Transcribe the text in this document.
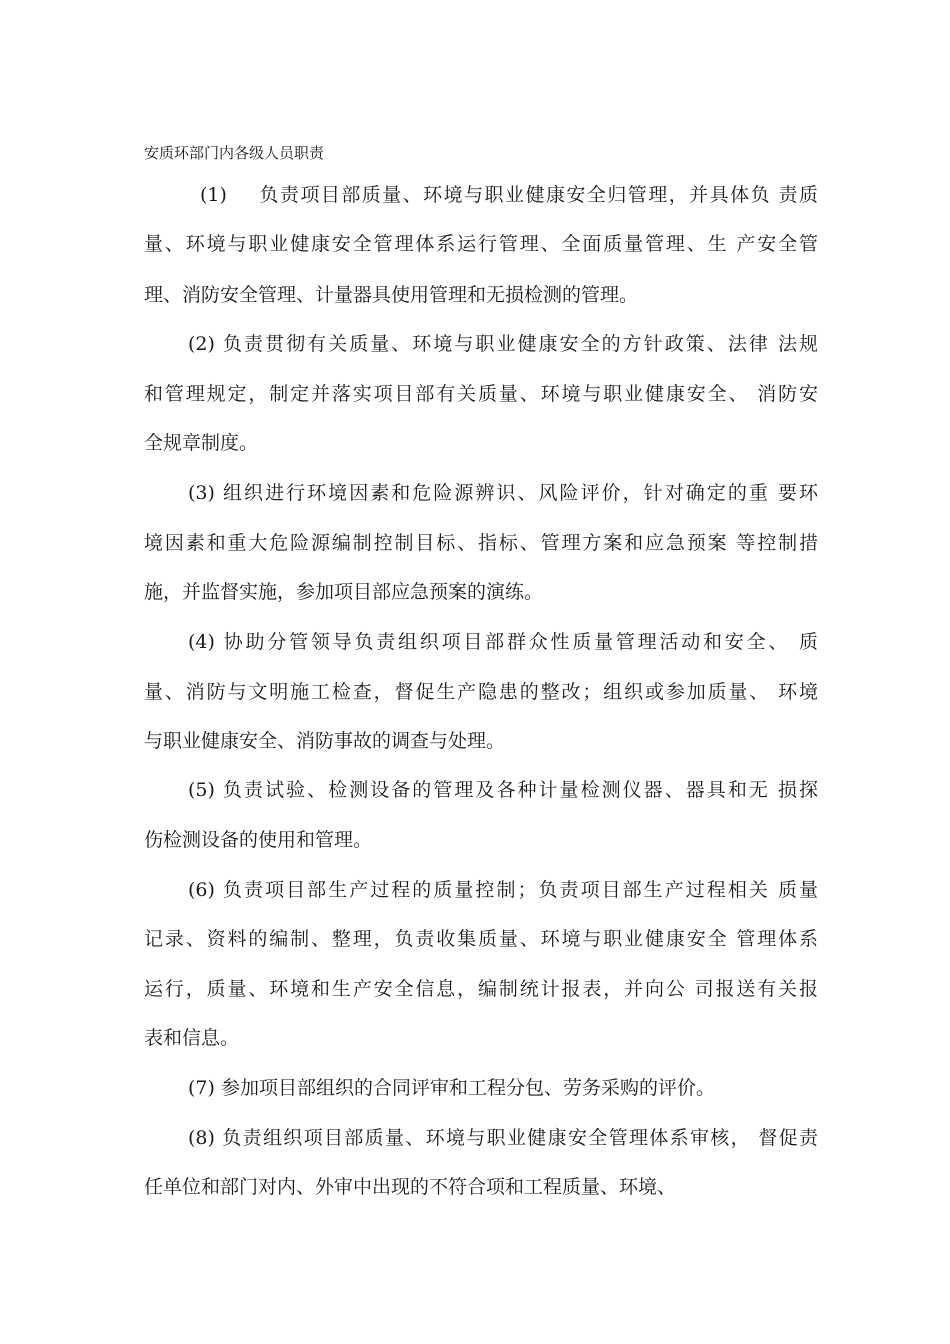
安质环部门内各级人员职责
(1) 负责项目部质量、环境与职业健康安全归管理，并具体负 责质
量、环境与职业健康安全管理体系运行管理、全面质量管理、生 产安全管
理、消防安全管理、计量器具使用管理和无损检测的管理。
(2) 负责贯彻有关质量、环境与职业健康安全的方针政策、法律 法规
和管理规定，制定并落实项目部有关质量、环境与职业健康安全、 消防安
全规章制度。
(3) 组织进行环境因素和危险源辨识、风险评价，针对确定的重 要环
境因素和重大危险源编制控制目标、指标、管理方案和应急预案 等控制措
施，并监督实施，参加项目部应急预案的演练。
(4) 协助分管领导负责组织项目部群众性质量管理活动和安全、 质
量、消防与文明施工检查，督促生产隐患的整改；组织或参加质量、 环境
与职业健康安全、消防事故的调查与处理。
(5) 负责试验、检测设备的管理及各种计量检测仪器、器具和无 损探
伤检测设备的使用和管理。
(6) 负责项目部生产过程的质量控制；负责项目部生产过程相关 质量
记录、资料的编制、整理，负责收集质量、环境与职业健康安全 管理体系
运行，质量、环境和生产安全信息，编制统计报表，并向公 司报送有关报
表和信息。
(7) 参加项目部组织的合同评审和工程分包、劳务采购的评价。
(8) 负责组织项目部质量、环境与职业健康安全管理体系审核， 督促责
任单位和部门对内、外审中出现的不符合项和工程质量、环境、
